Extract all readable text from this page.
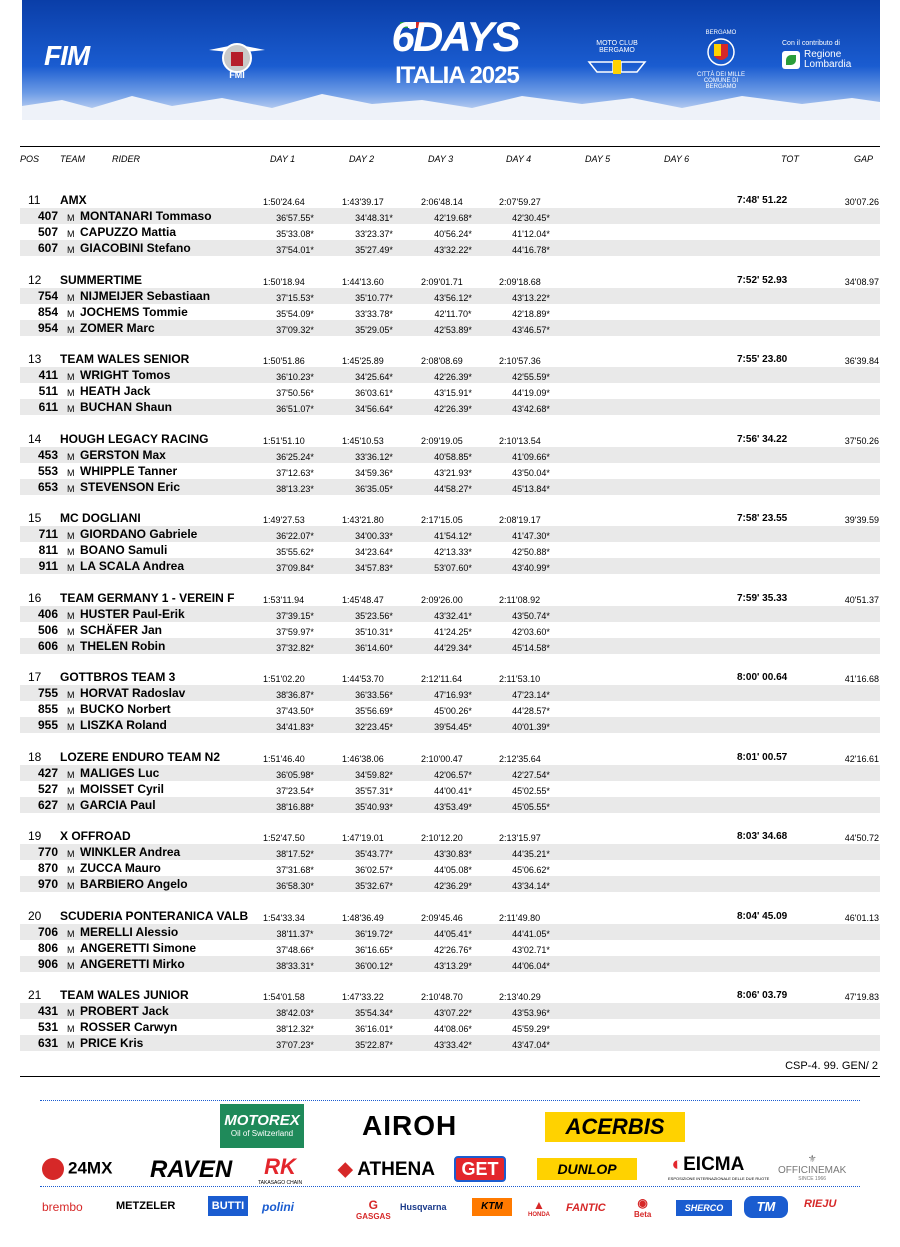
FIM
FMI
6DAYS
ITALIA 2025
MOTO CLUB BERGAMO
BERGAMO
CITTÀ DEI MILLE
COMUNE DI BERGAMO
Con il contributo di
Regione
Lombardia
POS TEAM	RIDER	DAY 1	DAY 2	DAY 3	DAY 4	DAY 5	DAY 6	TOT	GAP
11 AMX	1:50'24.64	1:43'39.17	2:06'48.14	2:07'59.27	7:48' 51.22	30'07.26
407 M MONTANARI Tommaso	36'57.55*	34'48.31*	42'19.68*	42'30.45*
507 M CAPUZZO Mattia	35'33.08*	33'23.37*	40'56.24*	41'12.04*
607 M GIACOBINI Stefano	37'54.01*	35'27.49*	43'32.22*	44'16.78*
12 SUMMERTIME	1:50'18.94	1:44'13.60	2:09'01.71	2:09'18.68	7:52' 52.93	34'08.97
754 M NIJMEIJER Sebastiaan	37'15.53*	35'10.77*	43'56.12*	43'13.22*
854 M JOCHEMS Tommie	35'54.09*	33'33.78*	42'11.70*	42'18.89*
954 M ZOMER Marc	37'09.32*	35'29.05*	42'53.89*	43'46.57*
13 TEAM WALES SENIOR	1:50'51.86	1:45'25.89	2:08'08.69	2:10'57.36	7:55' 23.80	36'39.84
411 M WRIGHT Tomos	36'10.23*	34'25.64*	42'26.39*	42'55.59*
511 M HEATH Jack	37'50.56*	36'03.61*	43'15.91*	44'19.09*
611 M BUCHAN Shaun	36'51.07*	34'56.64*	42'26.39*	43'42.68*
14 HOUGH LEGACY RACING	1:51'51.10	1:45'10.53	2:09'19.05	2:10'13.54	7:56' 34.22	37'50.26
453 M GERSTON Max	36'25.24*	33'36.12*	40'58.85*	41'09.66*
553 M WHIPPLE Tanner	37'12.63*	34'59.36*	43'21.93*	43'50.04*
653 M STEVENSON Eric	38'13.23*	36'35.05*	44'58.27*	45'13.84*
15 MC DOGLIANI	1:49'27.53	1:43'21.80	2:17'15.05	2:08'19.17	7:58' 23.55	39'39.59
711 M GIORDANO Gabriele	36'22.07*	34'00.33*	41'54.12*	41'47.30*
811 M BOANO Samuli	35'55.62*	34'23.64*	42'13.33*	42'50.88*
911 M LA SCALA Andrea	37'09.84*	34'57.83*	53'07.60*	43'40.99*
16 TEAM GERMANY 1 - VEREIN F	1:53'11.94	1:45'48.47	2:09'26.00	2:11'08.92	7:59' 35.33	40'51.37
406 M HUSTER Paul-Erik	37'39.15*	35'23.56*	43'32.41*	43'50.74*
506 M SCHÄFER Jan	37'59.97*	35'10.31*	41'24.25*	42'03.60*
606 M THELEN Robin	37'32.82*	36'14.60*	44'29.34*	45'14.58*
17 GOTTBROS TEAM 3	1:51'02.20	1:44'53.70	2:12'11.64	2:11'53.10	8:00' 00.64	41'16.68
755 M HORVAT Radoslav	38'36.87*	36'33.56*	47'16.93*	47'23.14*
855 M BUCKO Norbert	37'43.50*	35'56.69*	45'00.26*	44'28.57*
955 M LISZKA Roland	34'41.83*	32'23.45*	39'54.45*	40'01.39*
18 LOZERE ENDURO TEAM N2	1:51'46.40	1:46'38.06	2:10'00.47	2:12'35.64	8:01' 00.57	42'16.61
427 M MALIGES Luc	36'05.98*	34'59.82*	42'06.57*	42'27.54*
527 M MOISSET Cyril	37'23.54*	35'57.31*	44'00.41*	45'02.55*
627 M GARCIA Paul	38'16.88*	35'40.93*	43'53.49*	45'05.55*
19 X OFFROAD	1:52'47.50	1:47'19.01	2:10'12.20	2:13'15.97	8:03' 34.68	44'50.72
770 M WINKLER Andrea	38'17.52*	35'43.77*	43'30.83*	44'35.21*
870 M ZUCCA Mauro	37'31.68*	36'02.57*	44'05.08*	45'06.62*
970 M BARBIERO Angelo	36'58.30*	35'32.67*	42'36.29*	43'34.14*
20 SCUDERIA PONTERANICA VALB 1:54'33.34	1:48'36.49	2:09'45.46	2:11'49.80	8:04' 45.09	46'01.13
706 M MERELLI Alessio	38'11.37*	36'19.72*	44'05.41*	44'41.05*
806 M ANGERETTI Simone	37'48.66*	36'16.65*	42'26.76*	43'02.71*
906 M ANGERETTI Mirko	38'33.31*	36'00.12*	43'13.29*	44'06.04*
21 TEAM WALES JUNIOR	1:54'01.58	1:47'33.22	2:10'48.70	2:13'40.29	8:06' 03.79	47'19.83
431 M PROBERT Jack	38'42.03*	35'54.34*	43'07.22*	43'53.96*
531 M ROSSER Carwyn	38'12.32*	36'16.01*	44'08.06*	45'59.29*
631 M PRICE Kris	37'07.23*	35'22.87*	43'33.42*	43'47.04*
CSP-4. 99. GEN/ 2
MOTOREX
Oil of Switzerland	AIROH	ACERBIS
24MX RAVEN RK
TAKASAGO CHAIN
◆ ATHENA	GET	DUNLOP	◐EICMA
ESPOSIZIONE INTERNAZIONALE DELLE DUE RUOTE
⚜
OFFICINEMAK
SINCE 1966
brembo	METZELER	BUTTI	polini	G
GASGAS
Husqvarna	KTM	▲
HONDA
FANTIC	◉
Beta
SHERCO	TM	RIEJU
